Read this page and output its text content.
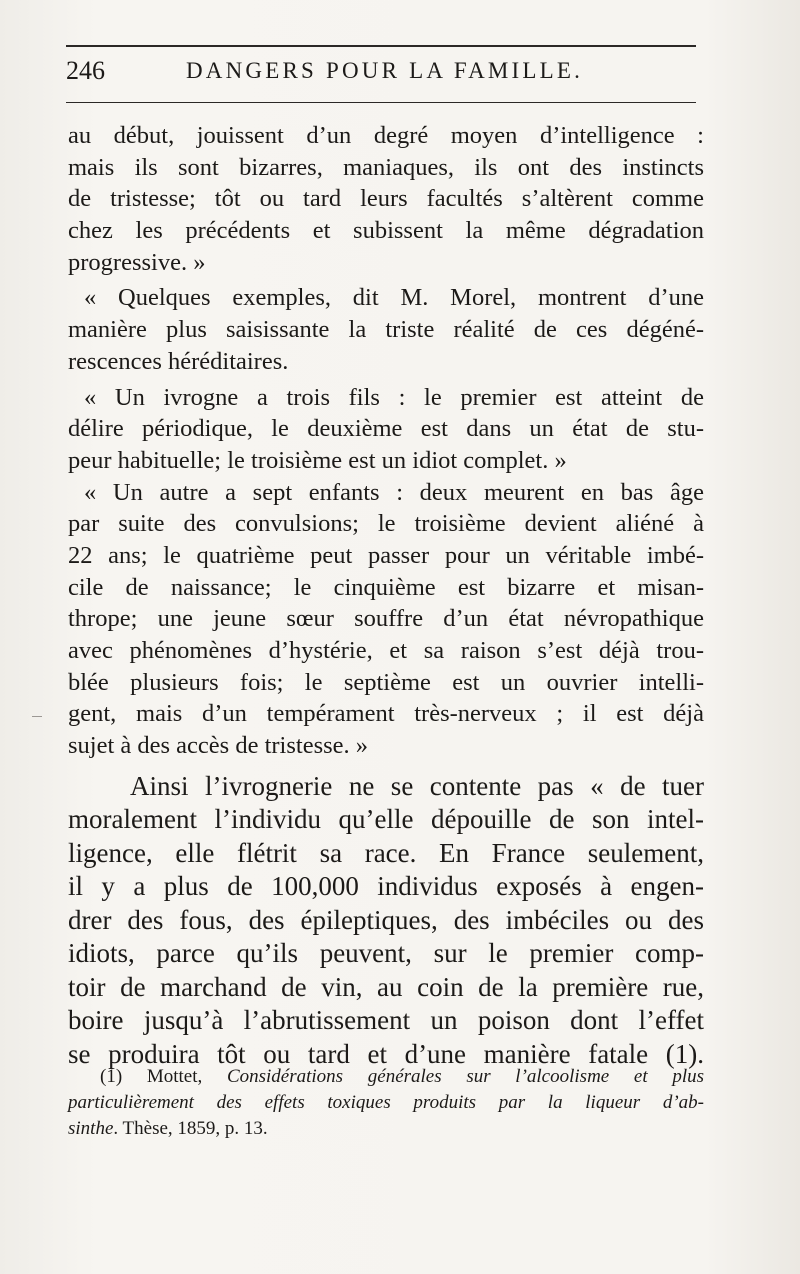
246	DANGERS POUR LA FAMILLE.
au début, jouissent d’un degré moyen d’intelligence :
mais ils sont bizarres, maniaques, ils ont des instincts
de tristesse; tôt ou tard leurs facultés s’altèrent comme
chez les précédents et subissent la même dégradation
progressive. »
« Quelques exemples, dit M. Morel, montrent d’une
manière plus saisissante la triste réalité de ces dégéné-
rescences héréditaires.
« Un ivrogne a trois fils : le premier est atteint de
délire périodique, le deuxième est dans un état de stu-
peur habituelle; le troisième est un idiot complet. »
« Un autre a sept enfants : deux meurent en bas âge
par suite des convulsions; le troisième devient aliéné à
22 ans; le quatrième peut passer pour un véritable imbé-
cile de naissance; le cinquième est bizarre et misan-
thrope; une jeune sœur souffre d’un état névropathique
avec phénomènes d’hystérie, et sa raison s’est déjà trou-
blée plusieurs fois; le septième est un ouvrier intelli-
gent, mais d’un tempérament très-nerveux ; il est déjà
sujet à des accès de tristesse. »
Ainsi l’ivrognerie ne se contente pas « de tuer
moralement l’individu qu’elle dépouille de son intel-
ligence, elle flétrit sa race. En France seulement,
il y a plus de 100,000 individus exposés à engen-
drer des fous, des épileptiques, des imbéciles ou des
idiots, parce qu’ils peuvent, sur le premier comp-
toir de marchand de vin, au coin de la première rue,
boire jusqu’à l’abrutissement un poison dont l’effet
se produira tôt ou tard et d’une manière fatale (1).
(1) Mottet, Considérations générales sur l’alcoolisme et plus
particulièrement des effets toxiques produits par la liqueur d’ab-
sinthe. Thèse, 1859, p. 13.
